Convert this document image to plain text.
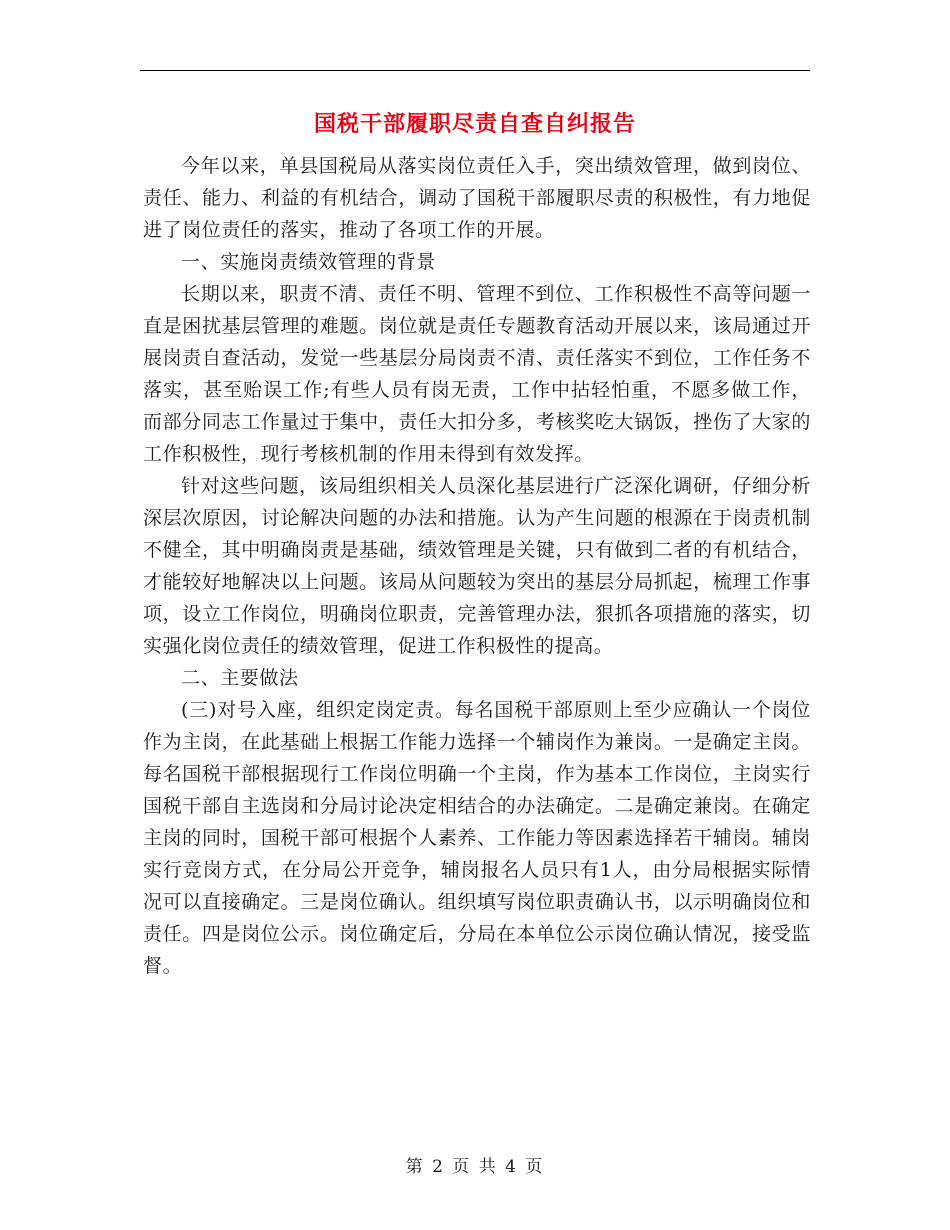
国税干部履职尽责自查自纠报告

今年以来，单县国税局从落实岗位责任入手，突出绩效管理，做到岗位、责任、能力、利益的有机结合，调动了国税干部履职尽责的积极性，有力地促进了岗位责任的落实，推动了各项工作的开展。

一、实施岗责绩效管理的背景

长期以来，职责不清、责任不明、管理不到位、工作积极性不高等问题一直是困扰基层管理的难题。岗位就是责任专题教育活动开展以来，该局通过开展岗责自查活动，发觉一些基层分局岗责不清、责任落实不到位，工作任务不落实，甚至贻误工作;有些人员有岗无责，工作中拈轻怕重，不愿多做工作，而部分同志工作量过于集中，责任大扣分多，考核奖吃大锅饭，挫伤了大家的工作积极性，现行考核机制的作用未得到有效发挥。

针对这些问题，该局组织相关人员深化基层进行广泛深化调研，仔细分析深层次原因，讨论解决问题的办法和措施。认为产生问题的根源在于岗责机制不健全，其中明确岗责是基础，绩效管理是关键，只有做到二者的有机结合，才能较好地解决以上问题。该局从问题较为突出的基层分局抓起，梳理工作事项，设立工作岗位，明确岗位职责，完善管理办法，狠抓各项措施的落实，切实强化岗位责任的绩效管理，促进工作积极性的提高。

二、主要做法

(三)对号入座，组织定岗定责。每名国税干部原则上至少应确认一个岗位作为主岗，在此基础上根据工作能力选择一个辅岗作为兼岗。一是确定主岗。每名国税干部根据现行工作岗位明确一个主岗，作为基本工作岗位，主岗实行国税干部自主选岗和分局讨论决定相结合的办法确定。二是确定兼岗。在确定主岗的同时，国税干部可根据个人素养、工作能力等因素选择若干辅岗。辅岗实行竞岗方式，在分局公开竞争，辅岗报名人员只有1人，由分局根据实际情况可以直接确定。三是岗位确认。组织填写岗位职责确认书，以示明确岗位和责任。四是岗位公示。岗位确定后，分局在本单位公示岗位确认情况，接受监督。

第 2 页 共 4 页
